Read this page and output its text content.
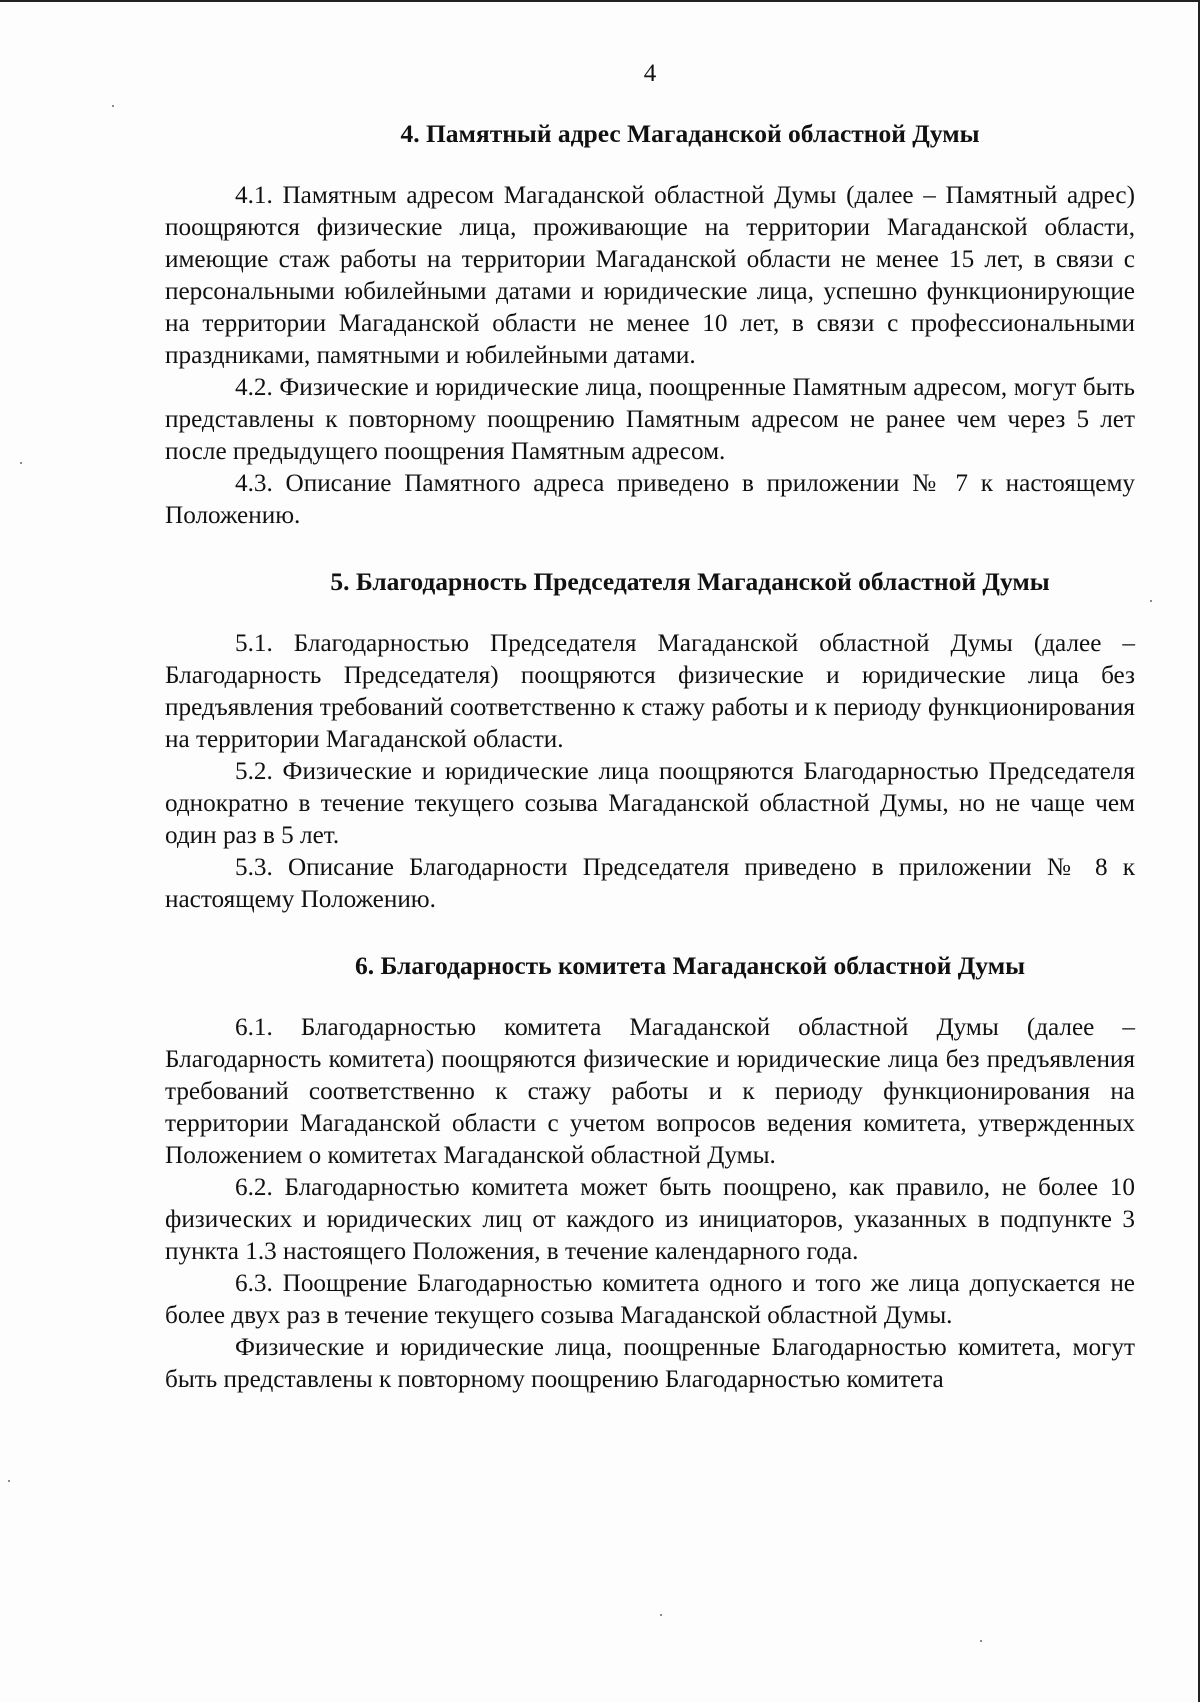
4
4. Памятный адрес Магаданской областной Думы

4.1. Памятным адресом Магаданской областной Думы (далее – Памятный адрес) поощряются физические лица, проживающие на территории Магаданской области, имеющие стаж работы на территории Магаданской области не менее 15 лет, в связи с персональными юбилейными датами и юридические лица, успешно функционирующие на территории Магаданской области не менее 10 лет, в связи с профессиональными праздниками, памятными и юбилейными датами.

4.2. Физические и юридические лица, поощренные Памятным адресом, могут быть представлены к повторному поощрению Памятным адресом не ранее чем через 5 лет после предыдущего поощрения Памятным адресом.

4.3. Описание Памятного адреса приведено в приложении № 7 к настоящему Положению.

5. Благодарность Председателя Магаданской областной Думы

5.1. Благодарностью Председателя Магаданской областной Думы (далее – Благодарность Председателя) поощряются физические и юридические лица без предъявления требований соответственно к стажу работы и к периоду функционирования на территории Магаданской области.

5.2. Физические и юридические лица поощряются Благодарностью Председателя однократно в течение текущего созыва Магаданской областной Думы, но не чаще чем один раз в 5 лет.

5.3. Описание Благодарности Председателя приведено в приложении № 8 к настоящему Положению.

6. Благодарность комитета Магаданской областной Думы

6.1. Благодарностью комитета Магаданской областной Думы (далее – Благодарность комитета) поощряются физические и юридические лица без предъявления требований соответственно к стажу работы и к периоду функционирования на территории Магаданской области с учетом вопросов ведения комитета, утвержденных Положением о комитетах Магаданской областной Думы.

6.2. Благодарностью комитета может быть поощрено, как правило, не более 10 физических и юридических лиц от каждого из инициаторов, указанных в подпункте 3 пункта 1.3 настоящего Положения, в течение календарного года.

6.3. Поощрение Благодарностью комитета одного и того же лица допускается не более двух раз в течение текущего созыва Магаданской областной Думы.

Физические и юридические лица, поощренные Благодарностью комитета, могут быть представлены к повторному поощрению Благодарностью комитета
